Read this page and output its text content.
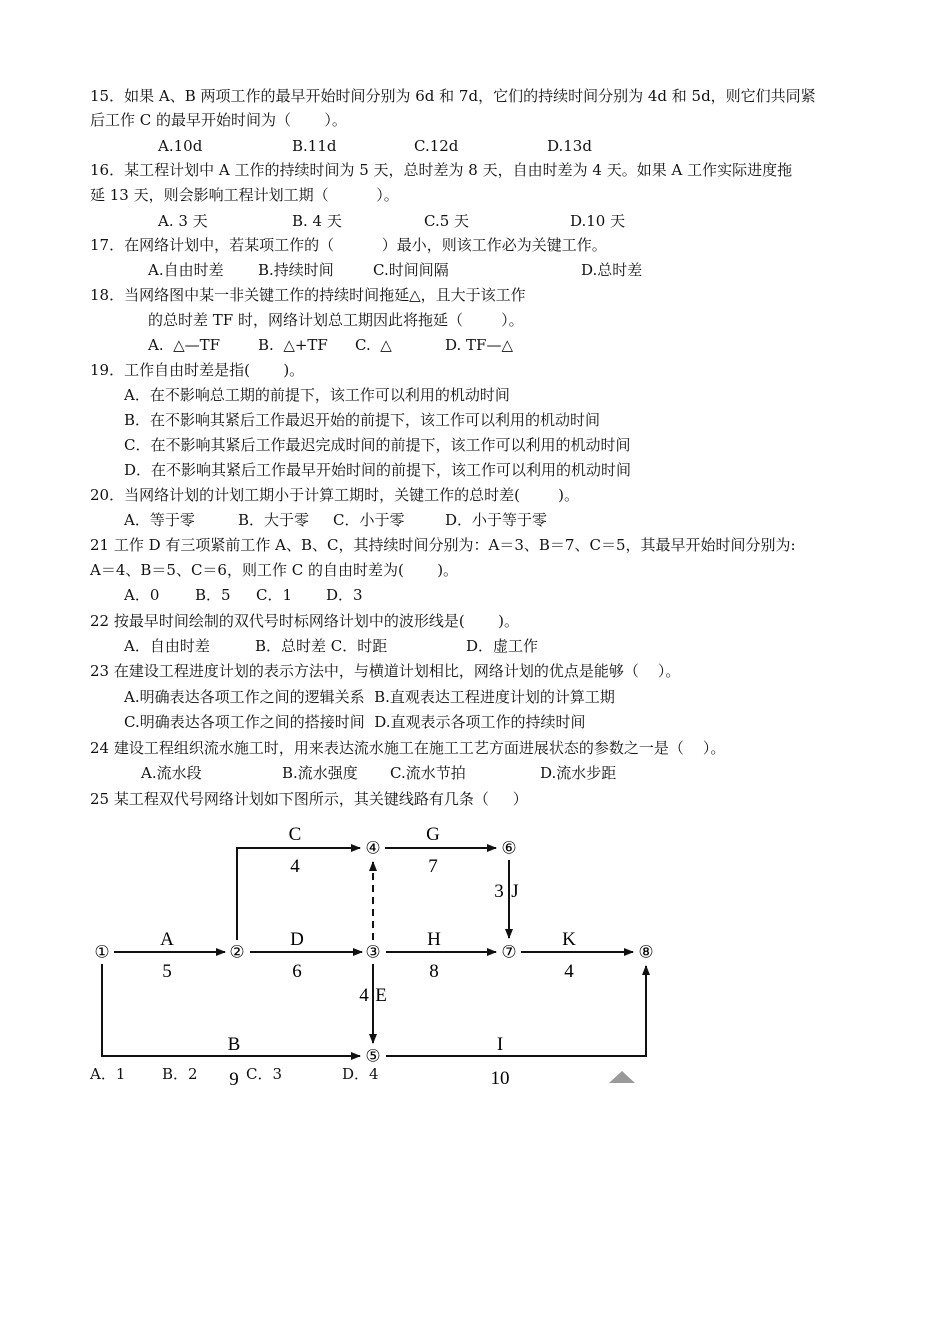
15．如果 A、B 两项工作的最早开始时间分别为 6d 和 7d，它们的持续时间分别为 4d 和 5d，则它们共同紧
后工作 C 的最早开始时间为（       ）。
A.10d	B.11d	C.12d	D.13d
16．某工程计划中 A 工作的持续时间为 5 天，总时差为 8 天，自由时差为 4 天。如果 A 工作实际进度拖
延 13 天，则会影响工程计划工期（          ）。
A. 3 天	B. 4 天	C.5 天	D.10 天
17．在网络计划中，若某项工作的（          ）最小，则该工作必为关键工作。
A.自由时差 B.持续时间	C.时间间隔	D.总时差
18．当网络图中某一非关键工作的持续时间拖延△，且大于该工作
的总时差 TF 时，网络计划总工期因此将拖延（        ）。
A.  △—TF	B.  △+TF C.  △	D. TF—△
19．工作自由时差是指(       )。
A．在不影响总工期的前提下，该工作可以利用的机动时间
B．在不影响其紧后工作最迟开始的前提下，该工作可以利用的机动时间
C．在不影响其紧后工作最迟完成时间的前提下，该工作可以利用的机动时间
D．在不影响其紧后工作最早开始时间的前提下，该工作可以利用的机动时间
20．当网络计划的计划工期小于计算工期时，关键工作的总时差(        )。
A．等于零	B．大于零 C．小于零	D．小于等于零
21 工作 D 有三项紧前工作 A、B、C，其持续时间分别为：A＝3、B＝7、C＝5，其最早开始时间分别为:
A＝4、B＝5、C＝6，则工作 C 的自由时差为(       )。
A．0 B．5 C．1 D．3
22 按最早时间绘制的双代号时标网络计划中的波形线是(       )。
A．自由时差	B．总时差 C．时距	D．虚工作
23 在建设工程进度计划的表示方法中，与横道计划相比，网络计划的优点是能够（    ）。
A.明确表达各项工作之间的逻辑关系  B.直观表达工程进度计划的计算工期
C.明确表达各项工作之间的搭接时间  D.直观表示各项工作的持续时间
24 建设工程组织流水施工时，用来表达流水施工在施工工艺方面进展状态的参数之一是（    ）。
A.流水段	B.流水强度 C.流水节拍	D.流水步距
25 某工程双代号网络计划如下图所示，其关键线路有几条（     ）
①	②	③
④
⑤
⑥
⑦	⑧
A
5
D
6
H
8
K
4
C
4
G
7
3 J
4 E
B
9
I
10
A．1 B．2	C．3	D．4
